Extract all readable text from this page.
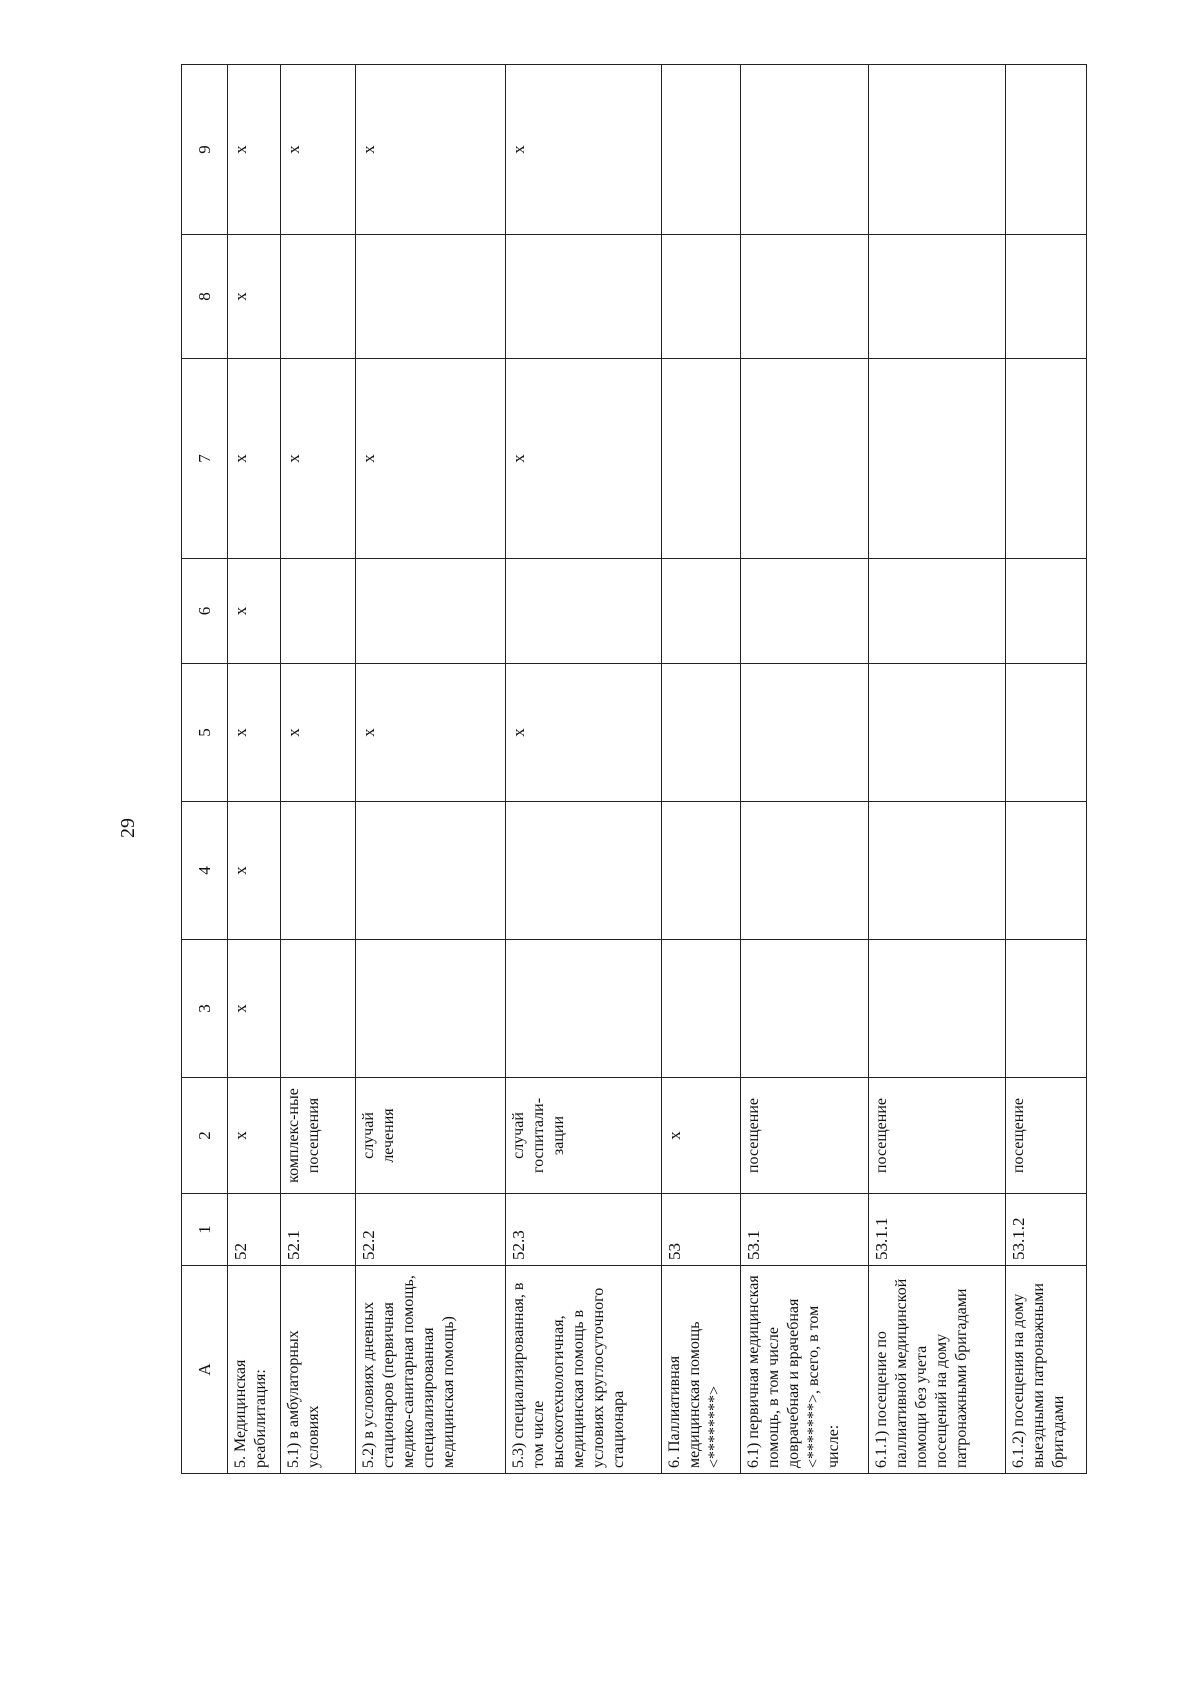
29
A	1	2	3	4	5	6	7	8	9
5. Медицинская реабилитация:	52	x	x	x	x	x	x	x	x
5.1) в амбулаторных условиях	52.1	комплекс-ные посещения			x		x		x
5.2) в условиях дневных стационаров (первичная медико-санитарная помощь, специализированная медицинская помощь)	52.2	случай лечения			x		x		x
5.3) специализированная, в том числе высокотехнологичная, медицинская помощь в условиях круглосуточного стационара	52.3	случай госпитали-зации			x		x		x
6. Паллиативная медицинская помощь <********>	53	x							
6.1) первичная медицинская помощь, в том числе доврачебная и врачебная <*******>, всего, в том числе:	53.1	посещение							
6.1.1) посещение по паллиативной медицинской помощи без учета посещений на дому патронажными бригадами	53.1.1	посещение							
6.1.2) посещения на дому выездными патронажными бригадами	53.1.2	посещение							
